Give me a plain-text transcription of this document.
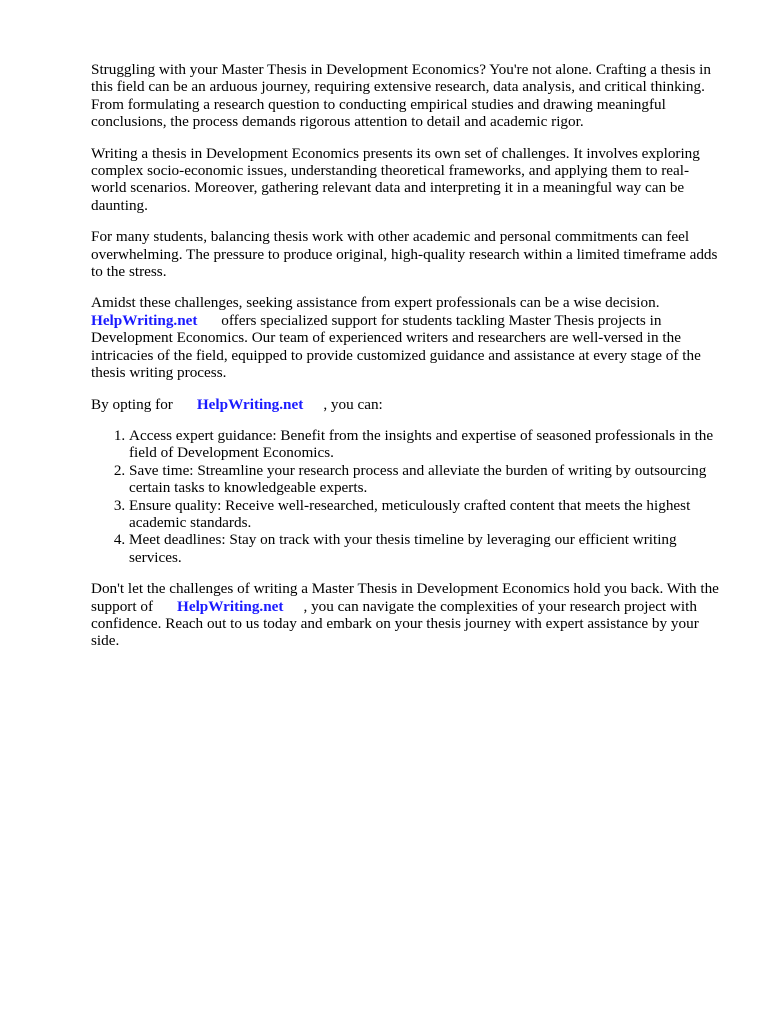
Struggling with your Master Thesis in Development Economics? You're not alone. Crafting a thesis in this field can be an arduous journey, requiring extensive research, data analysis, and critical thinking. From formulating a research question to conducting empirical studies and drawing meaningful conclusions, the process demands rigorous attention to detail and academic rigor.

Writing a thesis in Development Economics presents its own set of challenges. It involves exploring complex socio-economic issues, understanding theoretical frameworks, and applying them to real-world scenarios. Moreover, gathering relevant data and interpreting it in a meaningful way can be daunting.

For many students, balancing thesis work with other academic and personal commitments can feel overwhelming. The pressure to produce original, high-quality research within a limited timeframe adds to the stress.

Amidst these challenges, seeking assistance from expert professionals can be a wise decision.
HelpWriting.net offers specialized support for students tackling Master Thesis projects in Development Economics. Our team of experienced writers and researchers are well-versed in the intricacies of the field, equipped to provide customized guidance and assistance at every stage of the thesis writing process.

By opting for HelpWriting.net , you can:

1. Access expert guidance: Benefit from the insights and expertise of seasoned professionals in the field of Development Economics.
2. Save time: Streamline your research process and alleviate the burden of writing by outsourcing certain tasks to knowledgeable experts.
3. Ensure quality: Receive well-researched, meticulously crafted content that meets the highest academic standards.
4. Meet deadlines: Stay on track with your thesis timeline by leveraging our efficient writing services.

Don't let the challenges of writing a Master Thesis in Development Economics hold you back. With the support of HelpWriting.net , you can navigate the complexities of your research project with confidence. Reach out to us today and embark on your thesis journey with expert assistance by your side.
